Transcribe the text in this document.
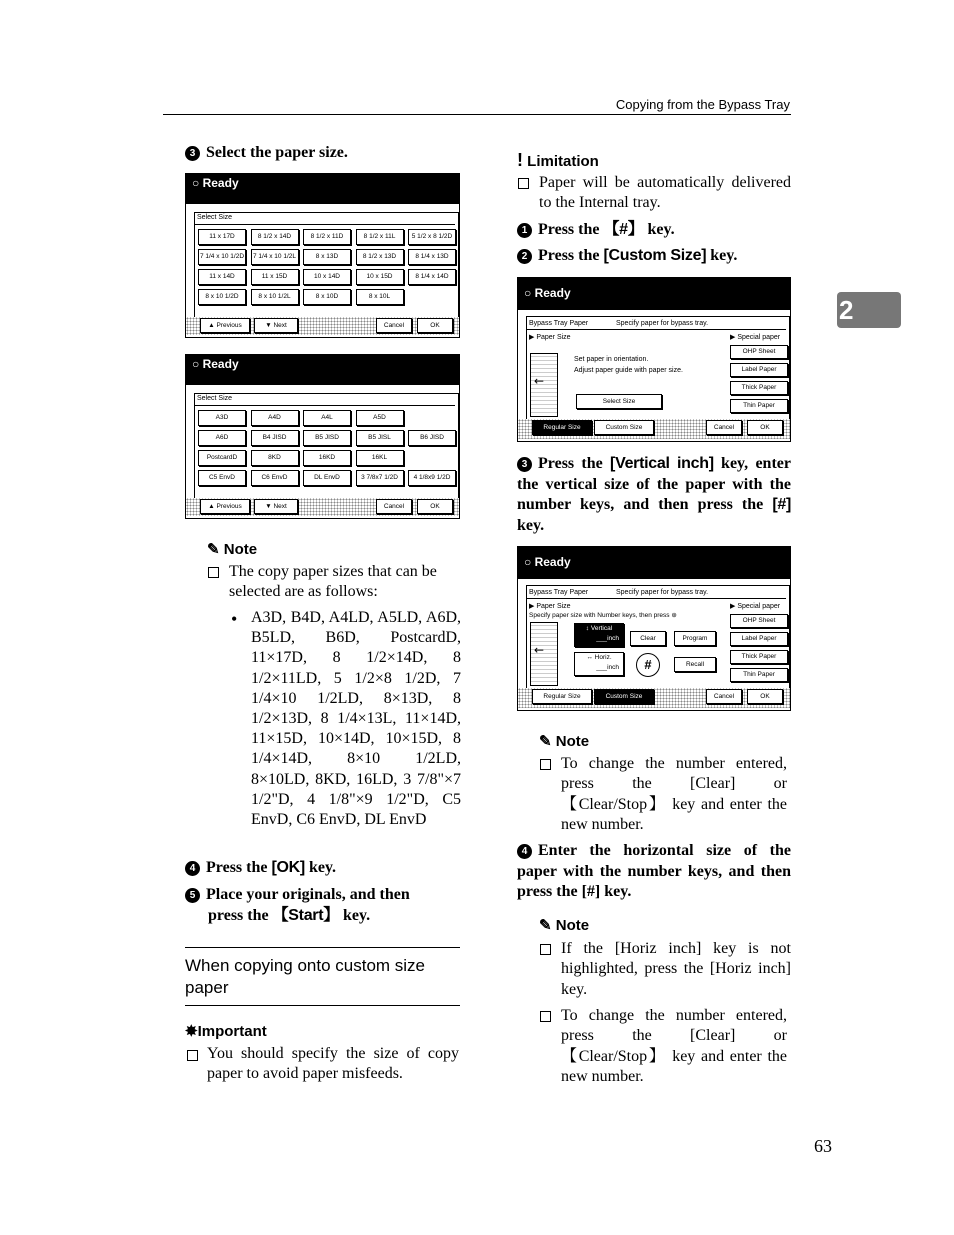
Copying from the Bypass Tray
2
3 Select the paper size.
○ Ready
Select Size
▲ Previous	▼ Next	Cancel	OK
11 x 17D	8 1/2 x 14D	8 1/2 x 11D	8 1/2 x 11L	5 1/2 x 8 1/2D
7 1/4 x 10 1/2D	7 1/4 x 10 1/2L	8 x 13D	8 1/2 x 13D	8 1/4 x 13D
11 x 14D	11 x 15D	10 x 14D	10 x 15D	8 1/4 x 14D
8 x 10 1/2D	8 x 10 1/2L	8 x 10D	8 x 10L
○ Ready
Select Size
▲ Previous	▼ Next	Cancel	OK
A3D	A4D	A4L	A5D
A6D	B4 JISD	B5 JISD	B5 JISL	B6 JISD
PostcardD	8KD	16KD	16KL
C5 EnvD	C6 EnvD	DL EnvD	3 7/8x7 1/2D	4 1/8x9 1/2D
✎ Note
The copy paper sizes that can be selected are as follows:
• A3D, B4D, A4LD, A5LD, A6D, B5LD, B6D, PostcardD, 11×17D, 8 1/2×14D, 8 1/2×11LD, 5 1/2×8 1/2D, 7 1/4×10 1/2LD, 8×13D, 8 1/2×13D, 8 1/4×13L, 11×14D, 11×15D, 10×14D, 10×15D, 8 1/4×14D, 8×10 1/2LD, 8×10LD, 8KD, 16LD, 3 7/8"×7 1/2"D, 4 1/8"×9 1/2"D, C5 EnvD, C6 EnvD, DL EnvD
4 Press the [OK] key.
5 Place your originals, and then
press the 【Start】 key.
When copying onto custom size paper
✸Important
You should specify the size of copy paper to avoid paper misfeeds.
! Limitation
Paper will be automatically delivered to the Internal tray.
1 Press the 【#】 key.
2 Press the [Custom Size] key.
○ Ready
Bypass Tray Paper	Specify paper for bypass tray.
▶ Paper Size
←
Set paper in orientation.
Adjust paper guide with paper size.
Select Size
▶ Special paper
Regular Size	Custom Size	Cancel	OK
OHP Sheet
Label Paper
Thick Paper
Thin Paper
3 Press the [Vertical inch] key, enter the vertical size of the paper with the number keys, and then press the [#] key.
○ Ready
Bypass Tray Paper	Specify paper for bypass tray.
▶ Paper Size
Specify paper size with Number keys, then press ⊛
←
↕ Vertical
___inch
↔ Horiz.
___inch
Clear	Program
#	Recall
▶ Special paper
Regular Size	Custom Size	Cancel	OK
OHP Sheet
Label Paper
Thick Paper
Thin Paper
✎ Note
To change the number entered, press the [Clear] or 【Clear/Stop】 key and enter the new number.
4 Enter the horizontal size of the paper with the number keys, and then press the [#] key.
✎ Note
If the [Horiz inch] key is not highlighted, press the [Horiz inch] key.
To change the number entered, press the [Clear] or 【Clear/Stop】 key and enter the new number.
63
